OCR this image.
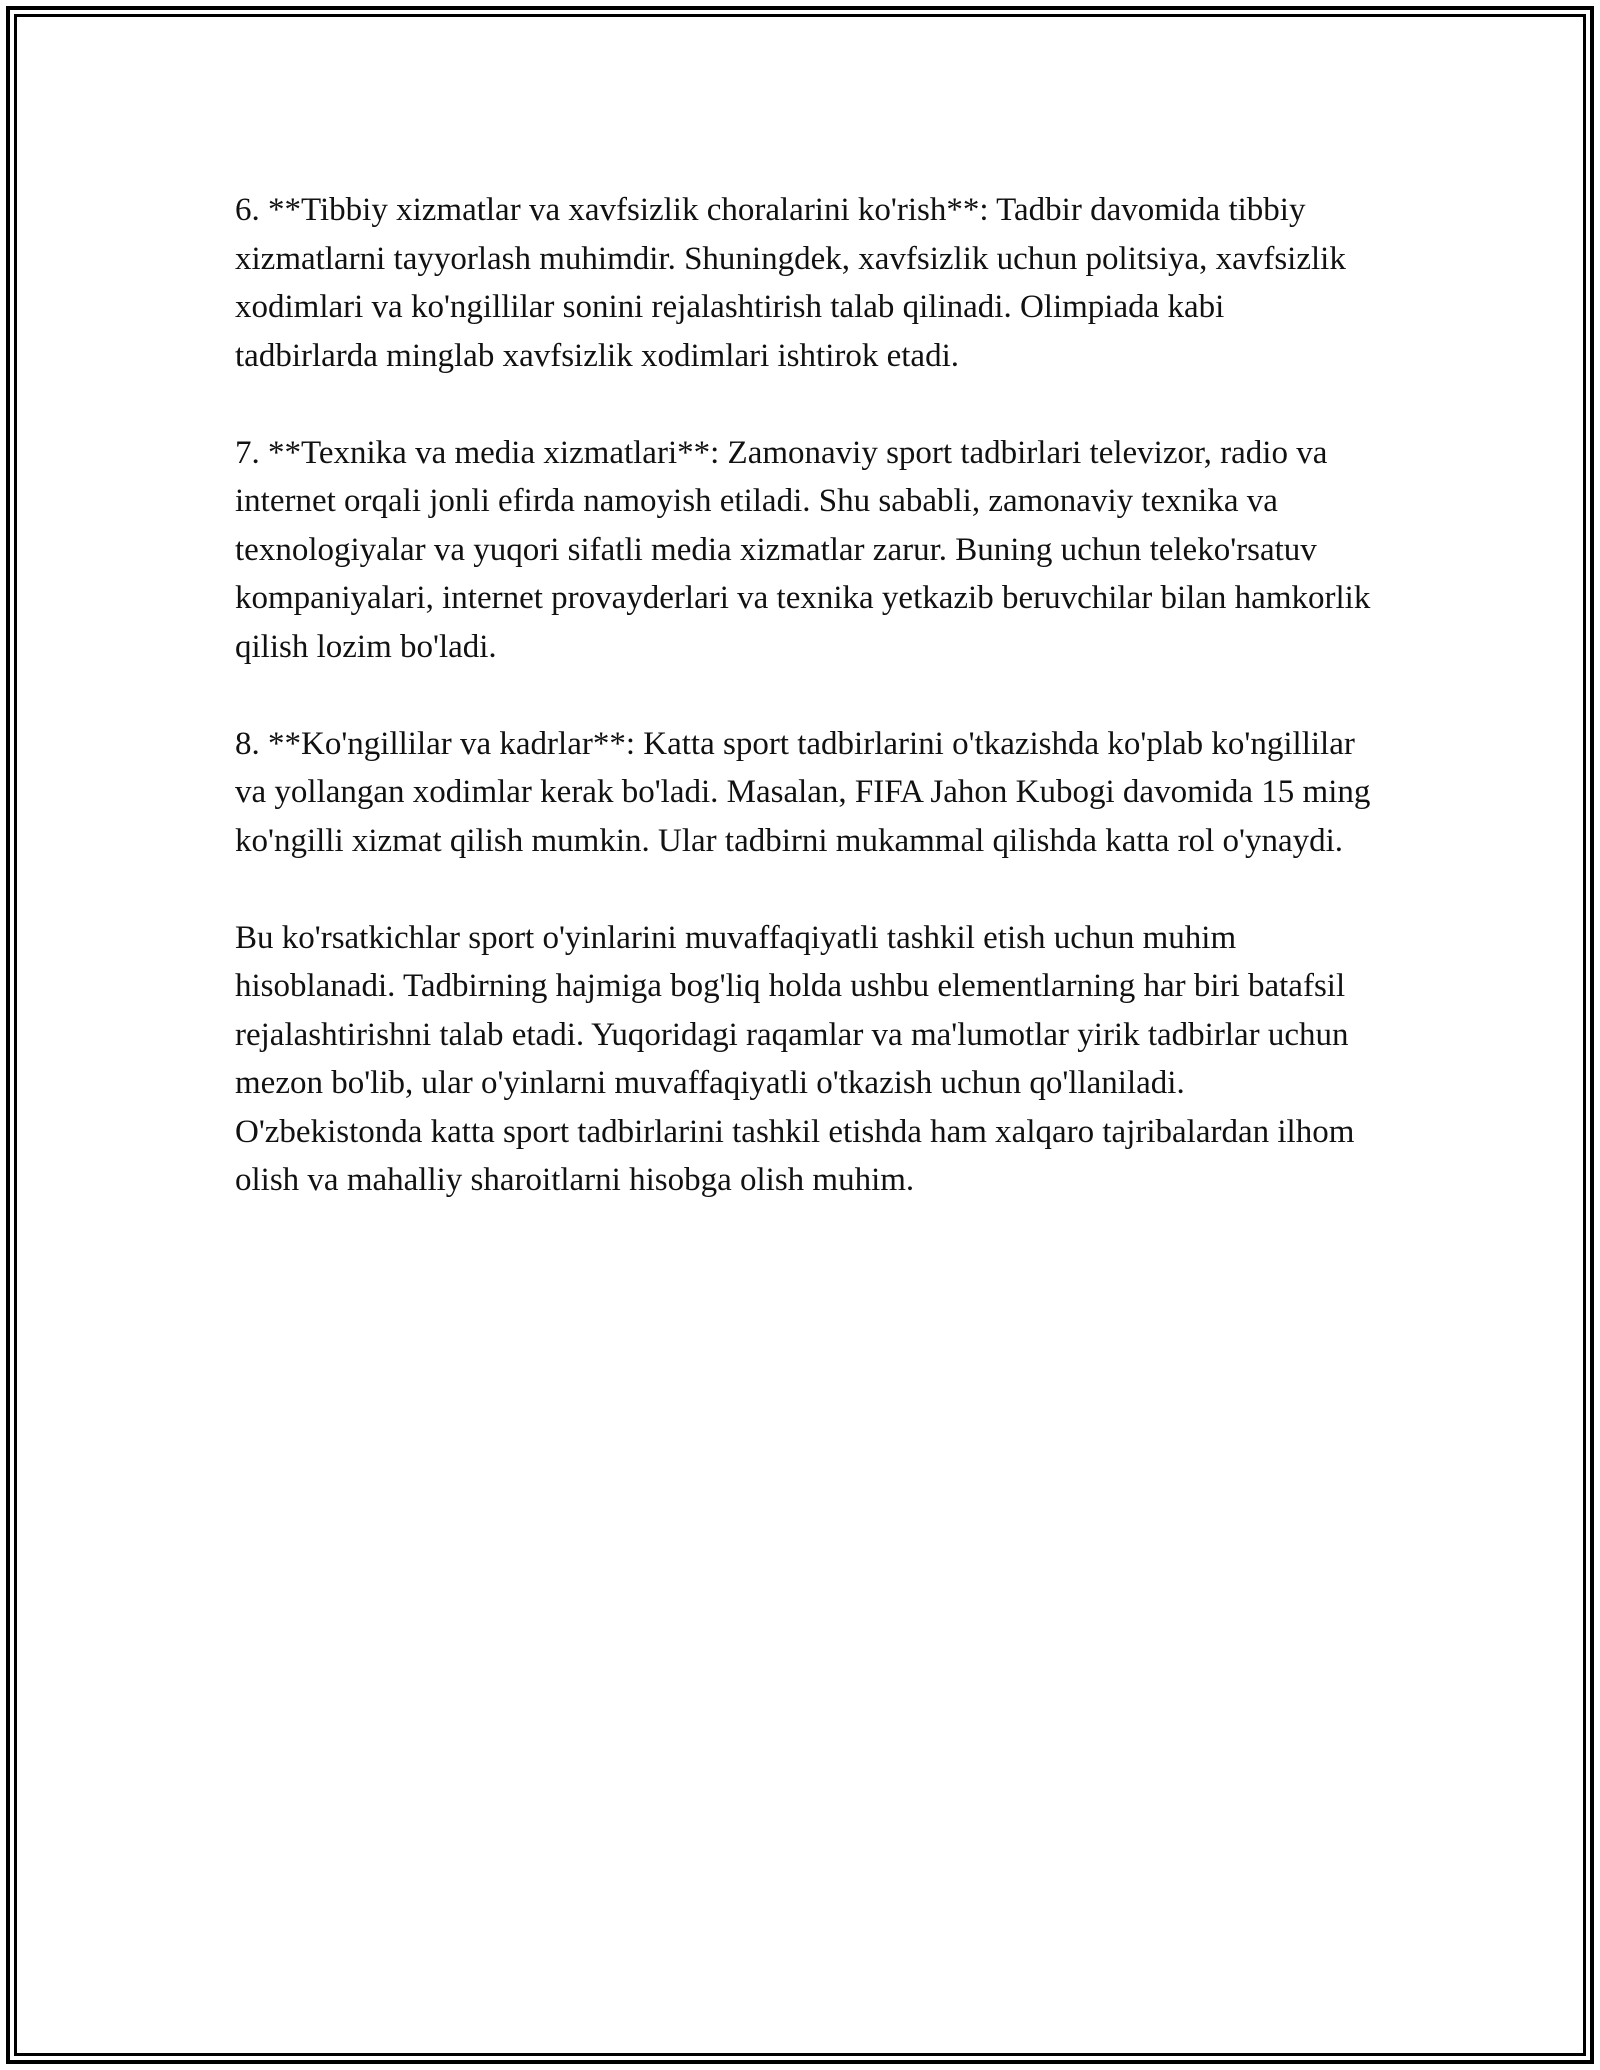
6. **Tibbiy xizmatlar va xavfsizlik choralarini ko'rish**: Tadbir davomida tibbiy xizmatlarni tayyorlash muhimdir. Shuningdek, xavfsizlik uchun politsiya, xavfsizlik xodimlari va ko'ngillilar sonini rejalashtirish talab qilinadi. Olimpiada kabi tadbirlarda minglab xavfsizlik xodimlari ishtirok etadi.

7. **Texnika va media xizmatlari**: Zamonaviy sport tadbirlari televizor, radio va internet orqali jonli efirda namoyish etiladi. Shu sababli, zamonaviy texnika va texnologiyalar va yuqori sifatli media xizmatlar zarur. Buning uchun teleko'rsatuv kompaniyalari, internet provayderlari va texnika yetkazib beruvchilar bilan hamkorlik qilish lozim bo'ladi.

8. **Ko'ngillilar va kadrlar**: Katta sport tadbirlarini o'tkazishda ko'plab ko'ngillilar va yollangan xodimlar kerak bo'ladi. Masalan, FIFA Jahon Kubogi davomida 15 ming ko'ngilli xizmat qilish mumkin. Ular tadbirni mukammal qilishda katta rol o'ynaydi.

Bu ko'rsatkichlar sport o'yinlarini muvaffaqiyatli tashkil etish uchun muhim hisoblanadi. Tadbirning hajmiga bog'liq holda ushbu elementlarning har biri batafsil rejalashtirishni talab etadi. Yuqoridagi raqamlar va ma'lumotlar yirik tadbirlar uchun mezon bo'lib, ular o'yinlarni muvaffaqiyatli o'tkazish uchun qo'llaniladi. O'zbekistonda katta sport tadbirlarini tashkil etishda ham xalqaro tajribalardan ilhom olish va mahalliy sharoitlarni hisobga olish muhim.
